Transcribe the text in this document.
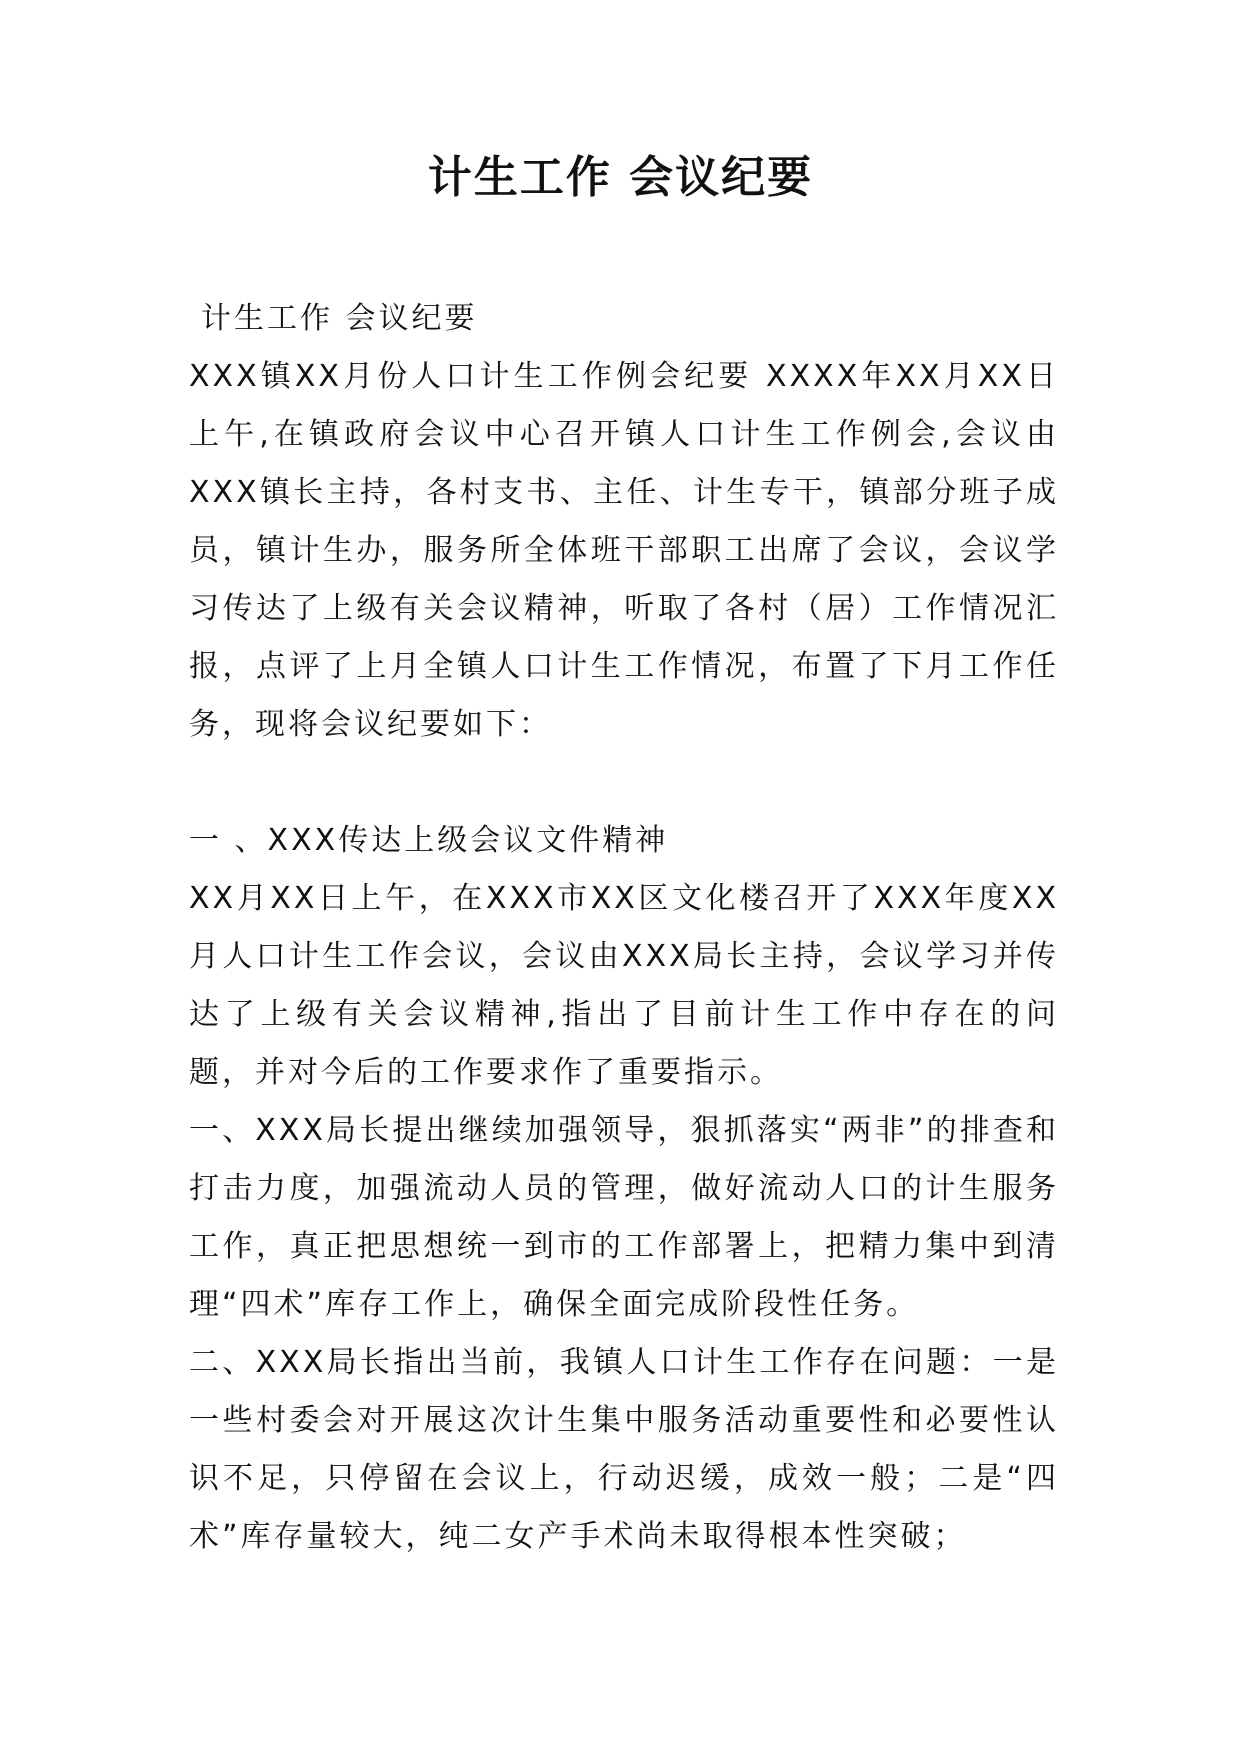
计生工作 会议纪要

计生工作 会议纪要

XXX镇XX月份人口计生工作例会纪要 XXXX年XX月XX日上午,在镇政府会议中心召开镇人口计生工作例会,会议由XXX镇长主持，各村支书、主任、计生专干，镇部分班子成员，镇计生办，服务所全体班干部职工出席了会议，会议学习传达了上级有关会议精神，听取了各村（居）工作情况汇报，点评了上月全镇人口计生工作情况，布置了下月工作任务，现将会议纪要如下：

一 、XXX传达上级会议文件精神

XX月XX日上午，在XXX市XX区文化楼召开了XXX年度XX月人口计生工作会议，会议由XXX局长主持，会议学习并传达了上级有关会议精神,指出了目前计生工作中存在的问题，并对今后的工作要求作了重要指示。

一、XXX局长提出继续加强领导，狠抓落实“两非”的排查和打击力度，加强流动人员的管理，做好流动人口的计生服务工作，真正把思想统一到市的工作部署上，把精力集中到清理“四术”库存工作上，确保全面完成阶段性任务。

二、XXX局长指出当前，我镇人口计生工作存在问题：一是一些村委会对开展这次计生集中服务活动重要性和必要性认识不足，只停留在会议上，行动迟缓，成效一般；二是“四术”库存量较大，纯二女产手术尚未取得根本性突破；
